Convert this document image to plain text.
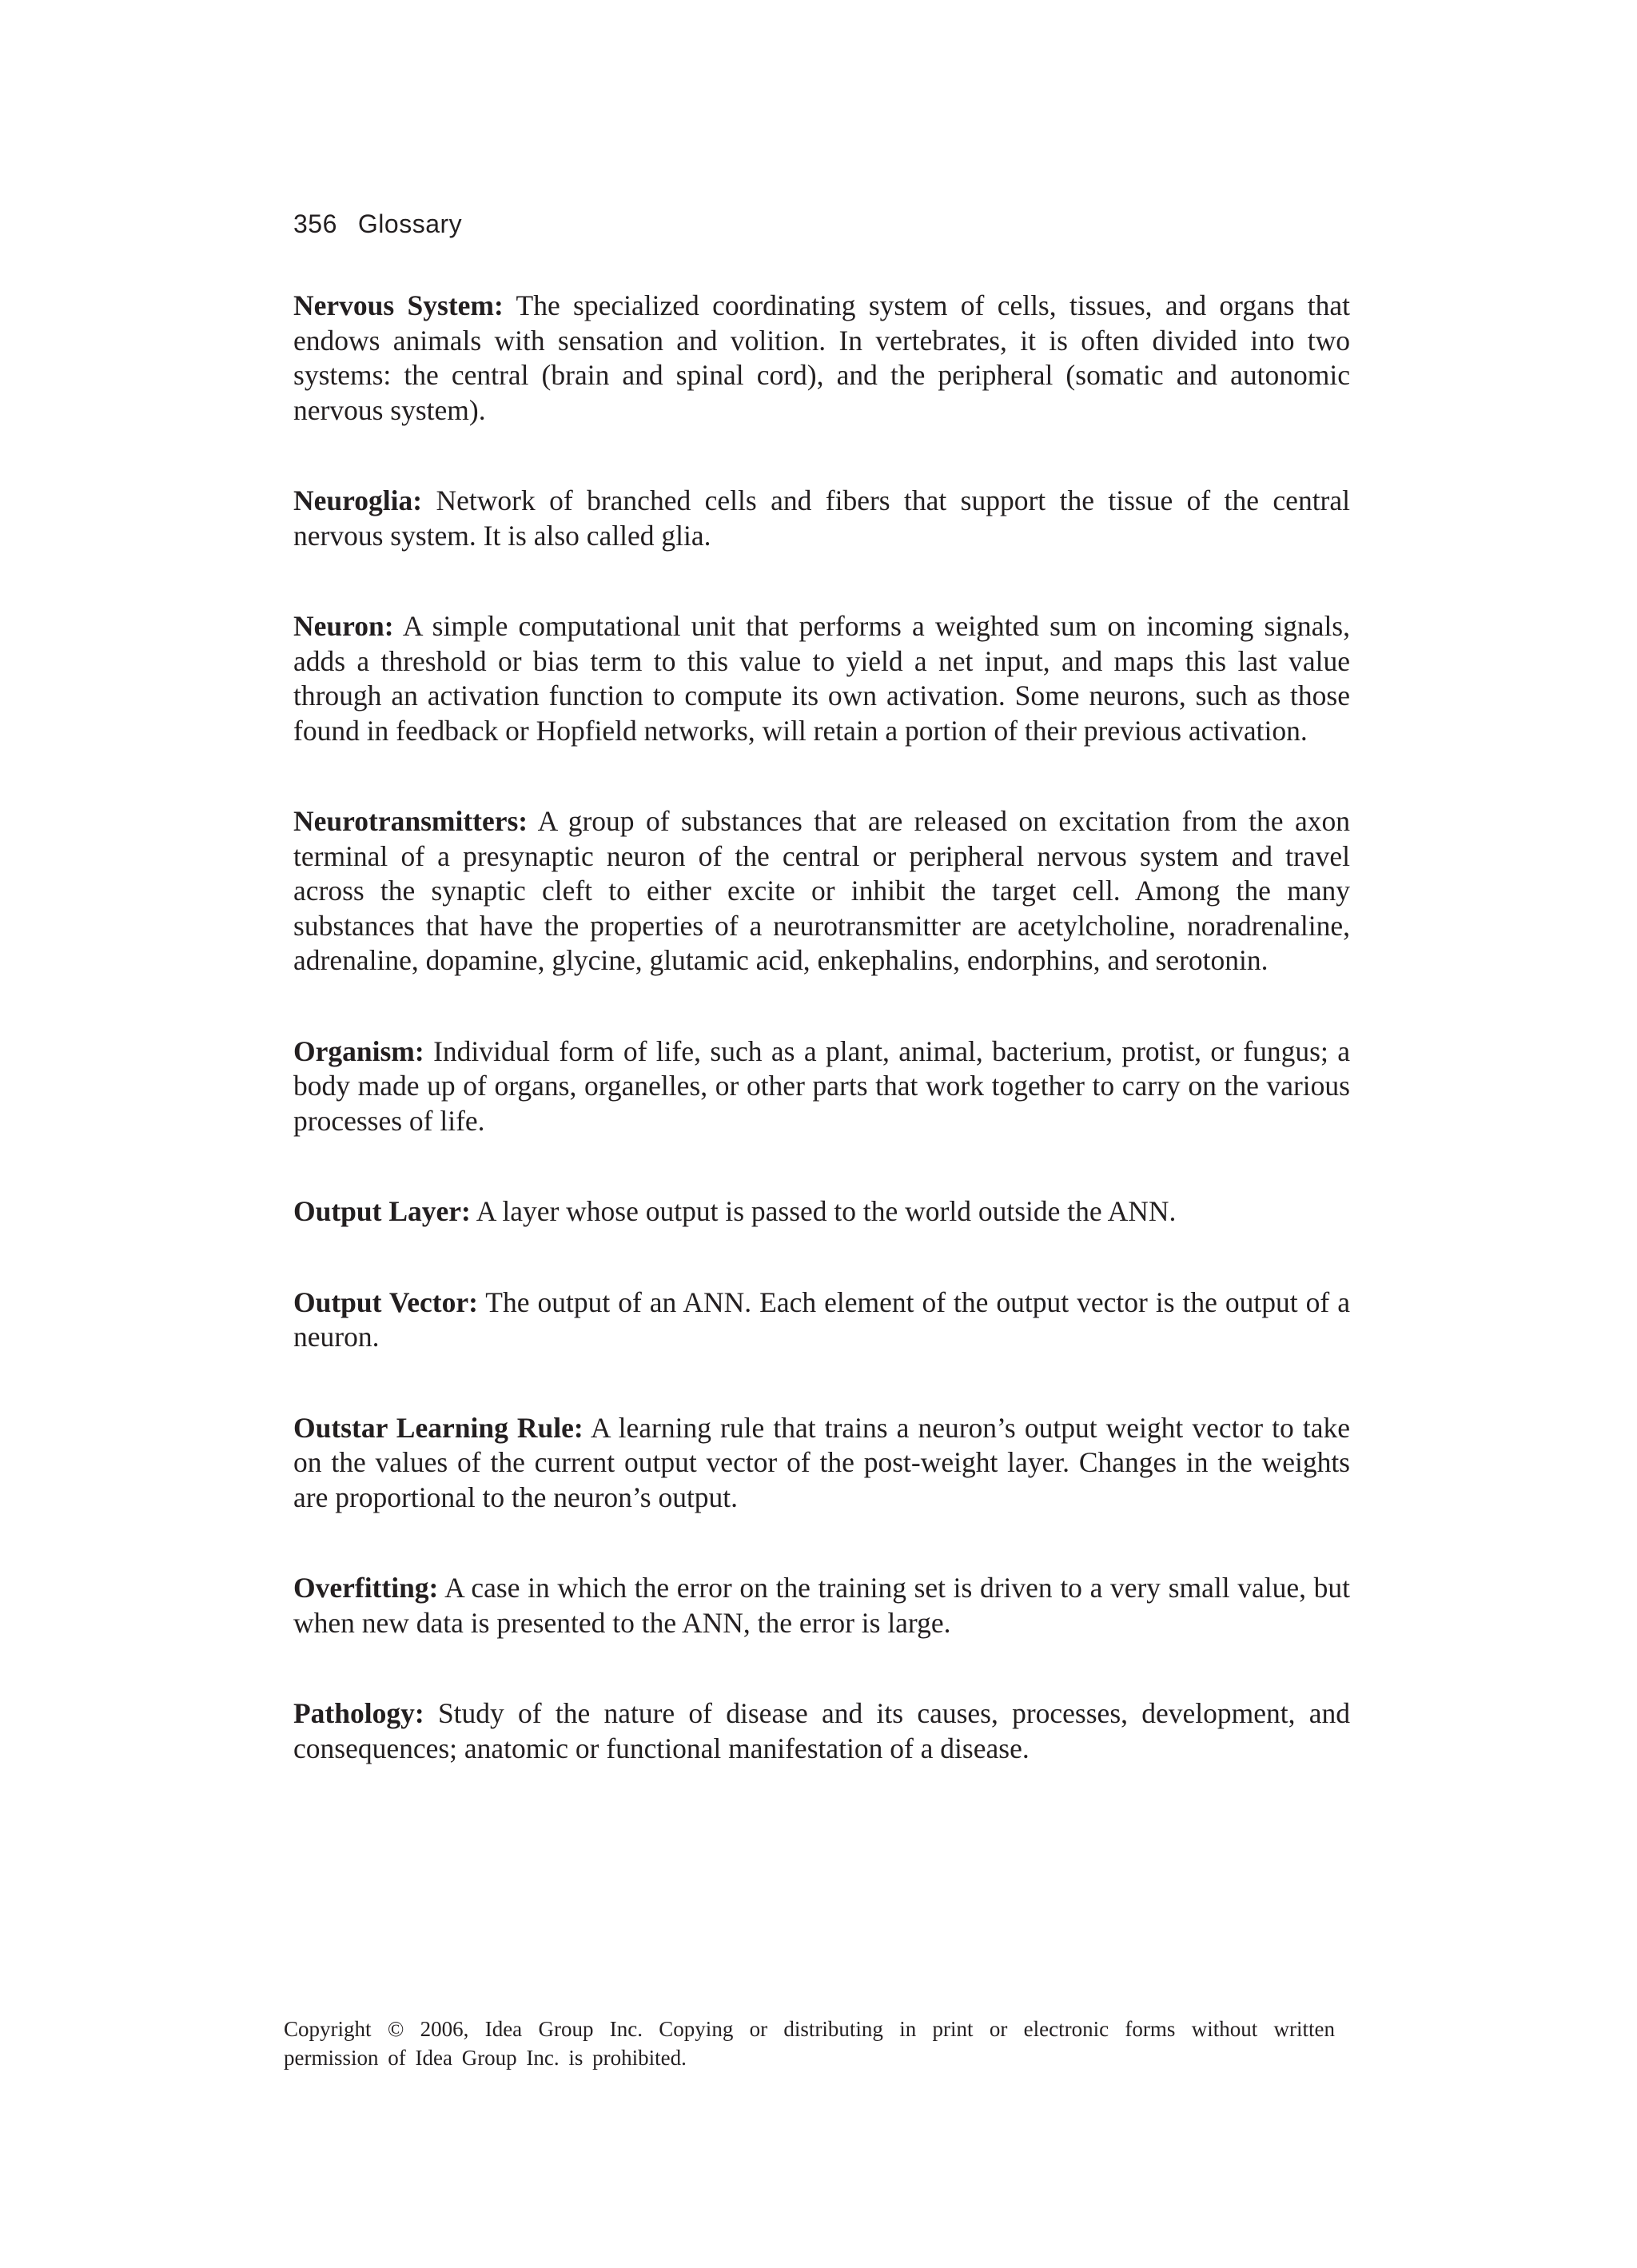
356 Glossary

Nervous System: The specialized coordinating system of cells, tissues, and organs that endows animals with sensation and volition. In vertebrates, it is often divided into two systems: the central (brain and spinal cord), and the peripheral (somatic and autonomic nervous system).

Neuroglia: Network of branched cells and fibers that support the tissue of the central nervous system. It is also called glia.

Neuron: A simple computational unit that performs a weighted sum on incoming signals, adds a threshold or bias term to this value to yield a net input, and maps this last value through an activation function to compute its own activation. Some neurons, such as those found in feedback or Hopfield networks, will retain a portion of their previous activation.

Neurotransmitters: A group of substances that are released on excitation from the axon terminal of a presynaptic neuron of the central or peripheral nervous system and travel across the synaptic cleft to either excite or inhibit the target cell. Among the many substances that have the properties of a neurotransmitter are acetylcholine, noradrenaline, adrenaline, dopamine, glycine, glutamic acid, enkephalins, endorphins, and serotonin.

Organism: Individual form of life, such as a plant, animal, bacterium, protist, or fungus; a body made up of organs, organelles, or other parts that work together to carry on the various processes of life.

Output Layer: A layer whose output is passed to the world outside the ANN.

Output Vector: The output of an ANN. Each element of the output vector is the output of a neuron.

Outstar Learning Rule: A learning rule that trains a neuron’s output weight vector to take on the values of the current output vector of the post-weight layer. Changes in the weights are proportional to the neuron’s output.

Overfitting: A case in which the error on the training set is driven to a very small value, but when new data is presented to the ANN, the error is large.

Pathology: Study of the nature of disease and its causes, processes, development, and consequences; anatomic or functional manifestation of a disease.

Copyright © 2006, Idea Group Inc. Copying or distributing in print or electronic forms without written permission of Idea Group Inc. is prohibited.
